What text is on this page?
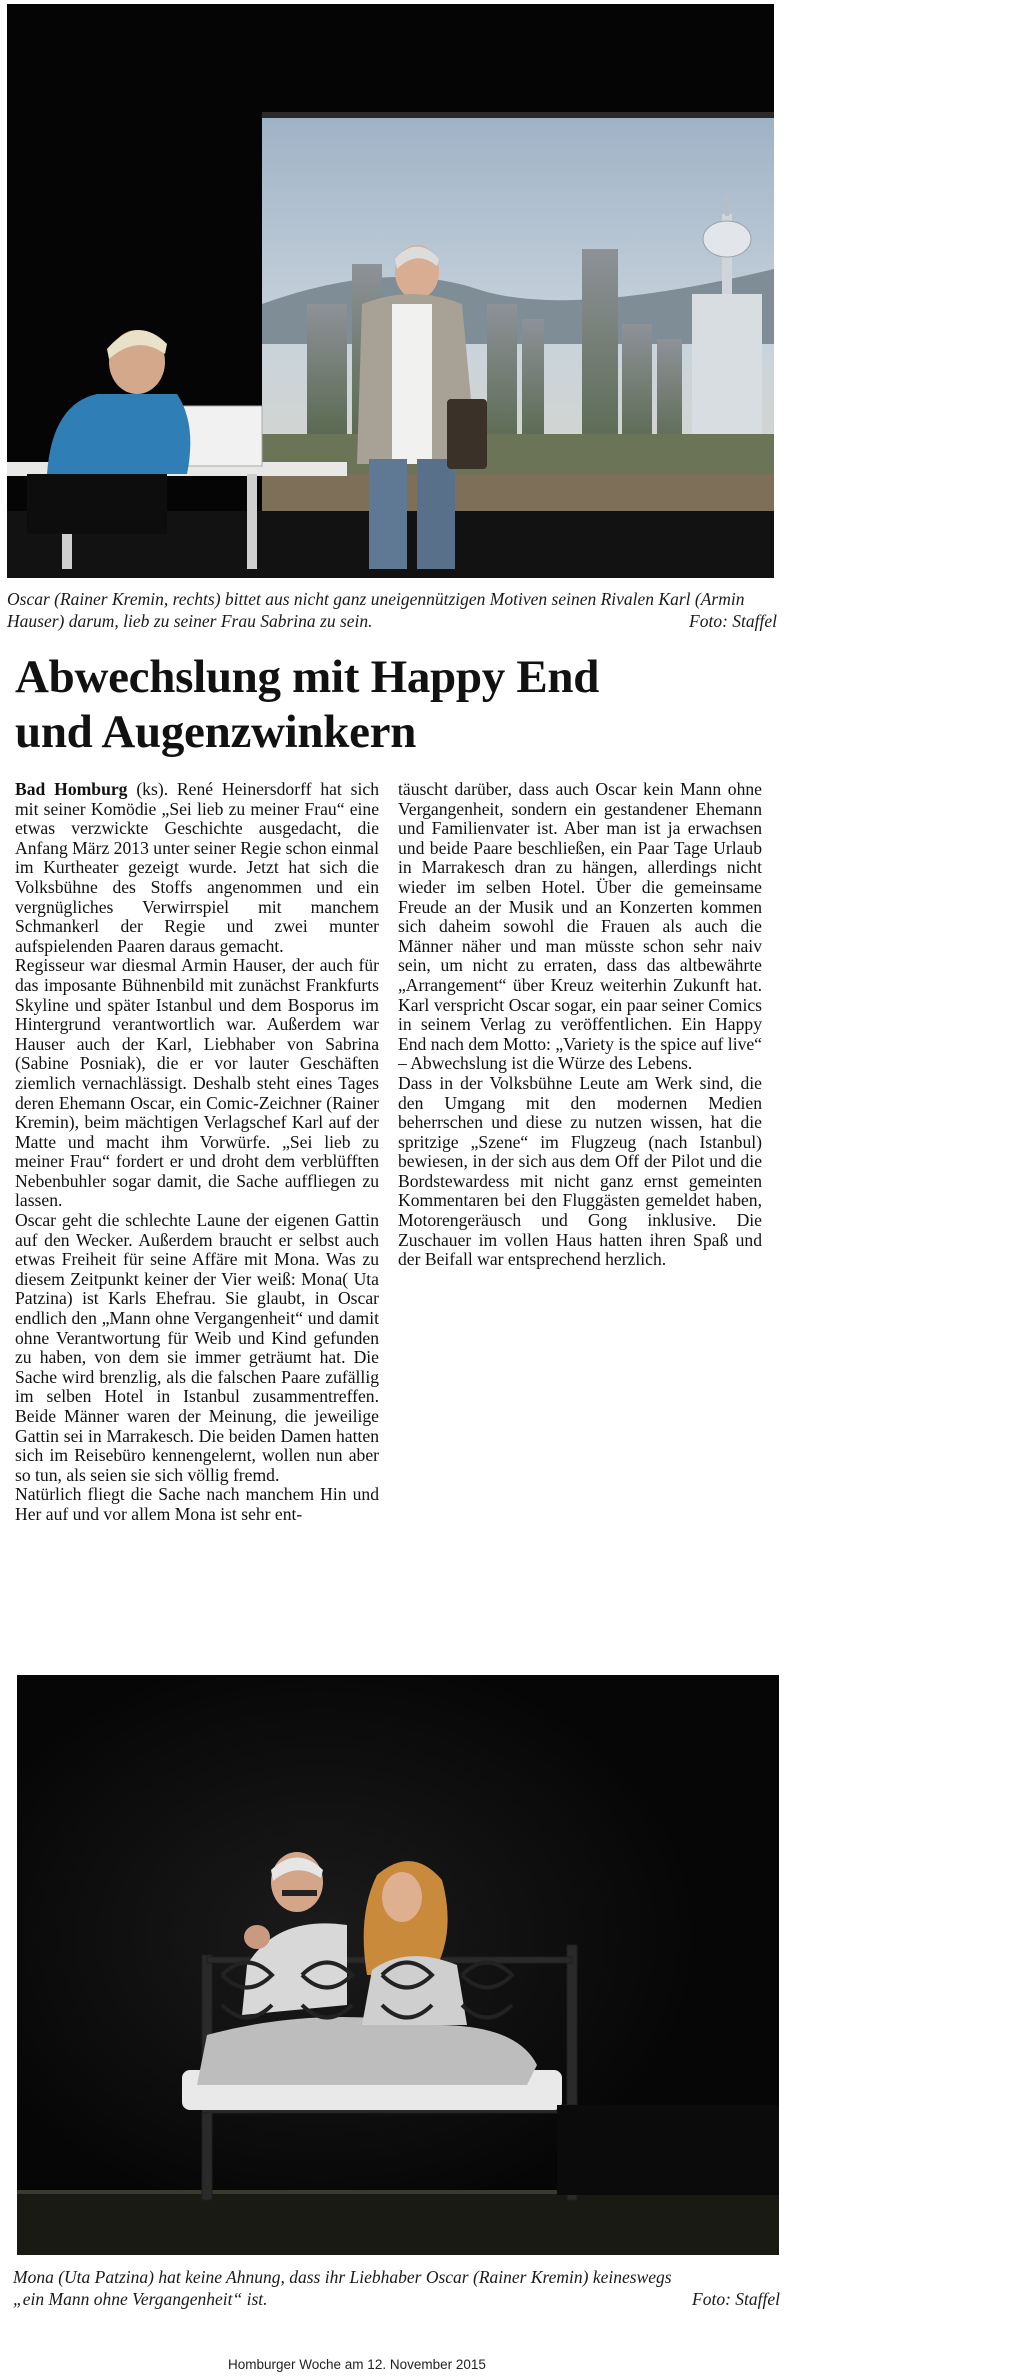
Oscar (Rainer Kremin, rechts) bittet aus nicht ganz uneigennützigen Motiven seinen Rivalen Karl (Armin Hauser) darum, lieb zu seiner Frau Sabrina zu sein.	Foto: Staffel
Abwechslung mit Happy End
und Augenzwinkern

Bad Homburg (ks). René Heinersdorff hat sich mit seiner Komödie „Sei lieb zu meiner Frau“ eine etwas verzwickte Geschichte ausgedacht, die Anfang März 2013 unter seiner Regie schon einmal im Kurtheater gezeigt wurde. Jetzt hat sich die Volksbühne des Stoffs angenommen und ein vergnügliches Verwirrspiel mit manchem Schmankerl der Regie und zwei munter aufspielenden Paaren daraus gemacht.

Regisseur war diesmal Armin Hauser, der auch für das imposante Bühnenbild mit zunächst Frankfurts Skyline und später Istanbul und dem Bosporus im Hintergrund verantwortlich war. Außerdem war Hauser auch der Karl, Liebhaber von Sabrina (Sabine Posniak), die er vor lauter Geschäften ziemlich vernachlässigt. Deshalb steht eines Tages deren Ehemann Oscar, ein Comic-Zeichner (Rainer Kremin), beim mächtigen Verlagschef Karl auf der Matte und macht ihm Vorwürfe. „Sei lieb zu meiner Frau“ fordert er und droht dem verblüfften Nebenbuhler sogar damit, die Sache auffliegen zu lassen.

Oscar geht die schlechte Laune der eigenen Gattin auf den Wecker. Außerdem braucht er selbst auch etwas Freiheit für seine Affäre mit Mona. Was zu diesem Zeitpunkt keiner der Vier weiß: Mona( Uta Patzina) ist Karls Ehefrau. Sie glaubt, in Oscar endlich den „Mann ohne Vergangenheit“ und damit ohne Verantwortung für Weib und Kind gefunden zu haben, von dem sie immer geträumt hat. Die Sache wird brenzlig, als die falschen Paare zufällig im selben Hotel in Istanbul zusammentreffen. Beide Männer waren der Meinung, die jeweilige Gattin sei in Marrakesch. Die beiden Damen hatten sich im Reisebüro kennengelernt, wollen nun aber so tun, als seien sie sich völlig fremd.

Natürlich fliegt die Sache nach manchem Hin und Her auf und vor allem Mona ist sehr ent-

täuscht darüber, dass auch Oscar kein Mann ohne Vergangenheit, sondern ein gestandener Ehemann und Familienvater ist. Aber man ist ja erwachsen und beide Paare beschließen, ein Paar Tage Urlaub in Marrakesch dran zu hängen, allerdings nicht wieder im selben Hotel. Über die gemeinsame Freude an der Musik und an Konzerten kommen sich daheim sowohl die Frauen als auch die Männer näher und man müsste schon sehr naiv sein, um nicht zu erraten, dass das altbewährte „Arrangement“ über Kreuz weiterhin Zukunft hat. Karl verspricht Oscar sogar, ein paar seiner Comics in seinem Verlag zu veröffentlichen. Ein Happy End nach dem Motto: „Variety is the spice auf live“ – Abwechslung ist die Würze des Lebens.

Dass in der Volksbühne Leute am Werk sind, die den Umgang mit den modernen Medien beherrschen und diese zu nutzen wissen, hat die spritzige „Szene“ im Flugzeug (nach Istanbul) bewiesen, in der sich aus dem Off der Pilot und die Bordstewardess mit nicht ganz ernst gemeinten Kommentaren bei den Fluggästen gemeldet haben, Motorengeräusch und Gong inklusive. Die Zuschauer im vollen Haus hatten ihren Spaß und der Beifall war entsprechend herzlich.

Mona (Uta Patzina) hat keine Ahnung, dass ihr Liebhaber Oscar (Rainer Kremin) keineswegs
„ein Mann ohne Vergangenheit“ ist.	Foto: Staffel
Homburger Woche am 12. November 2015
